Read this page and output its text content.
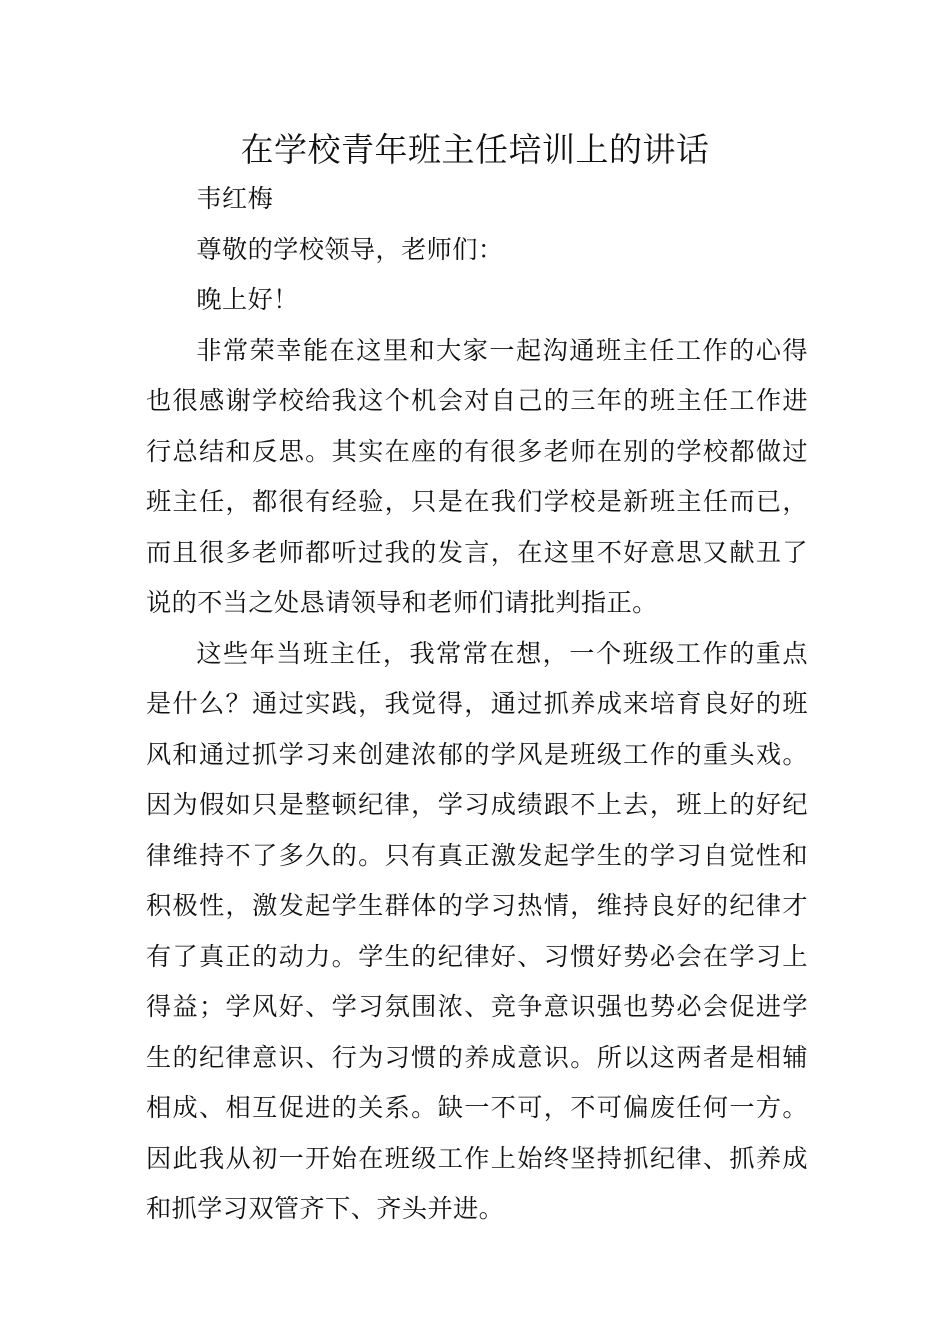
在学校青年班主任培训上的讲话

韦红梅

尊敬的学校领导，老师们：

晚上好！

非常荣幸能在这里和大家一起沟通班主任工作的心得也很感谢学校给我这个机会对自己的三年的班主任工作进行总结和反思。其实在座的有很多老师在别的学校都做过班主任，都很有经验，只是在我们学校是新班主任而已，而且很多老师都听过我的发言，在这里不好意思又献丑了说的不当之处恳请领导和老师们请批判指正。

这些年当班主任，我常常在想，一个班级工作的重点是什么？通过实践，我觉得，通过抓养成来培育良好的班风和通过抓学习来创建浓郁的学风是班级工作的重头戏。因为假如只是整顿纪律，学习成绩跟不上去，班上的好纪律维持不了多久的。只有真正激发起学生的学习自觉性和积极性，激发起学生群体的学习热情，维持良好的纪律才有了真正的动力。学生的纪律好、习惯好势必会在学习上得益；学风好、学习氛围浓、竞争意识强也势必会促进学生的纪律意识、行为习惯的养成意识。所以这两者是相辅相成、相互促进的关系。缺一不可，不可偏废任何一方。因此我从初一开始在班级工作上始终坚持抓纪律、抓养成和抓学习双管齐下、齐头并进。
